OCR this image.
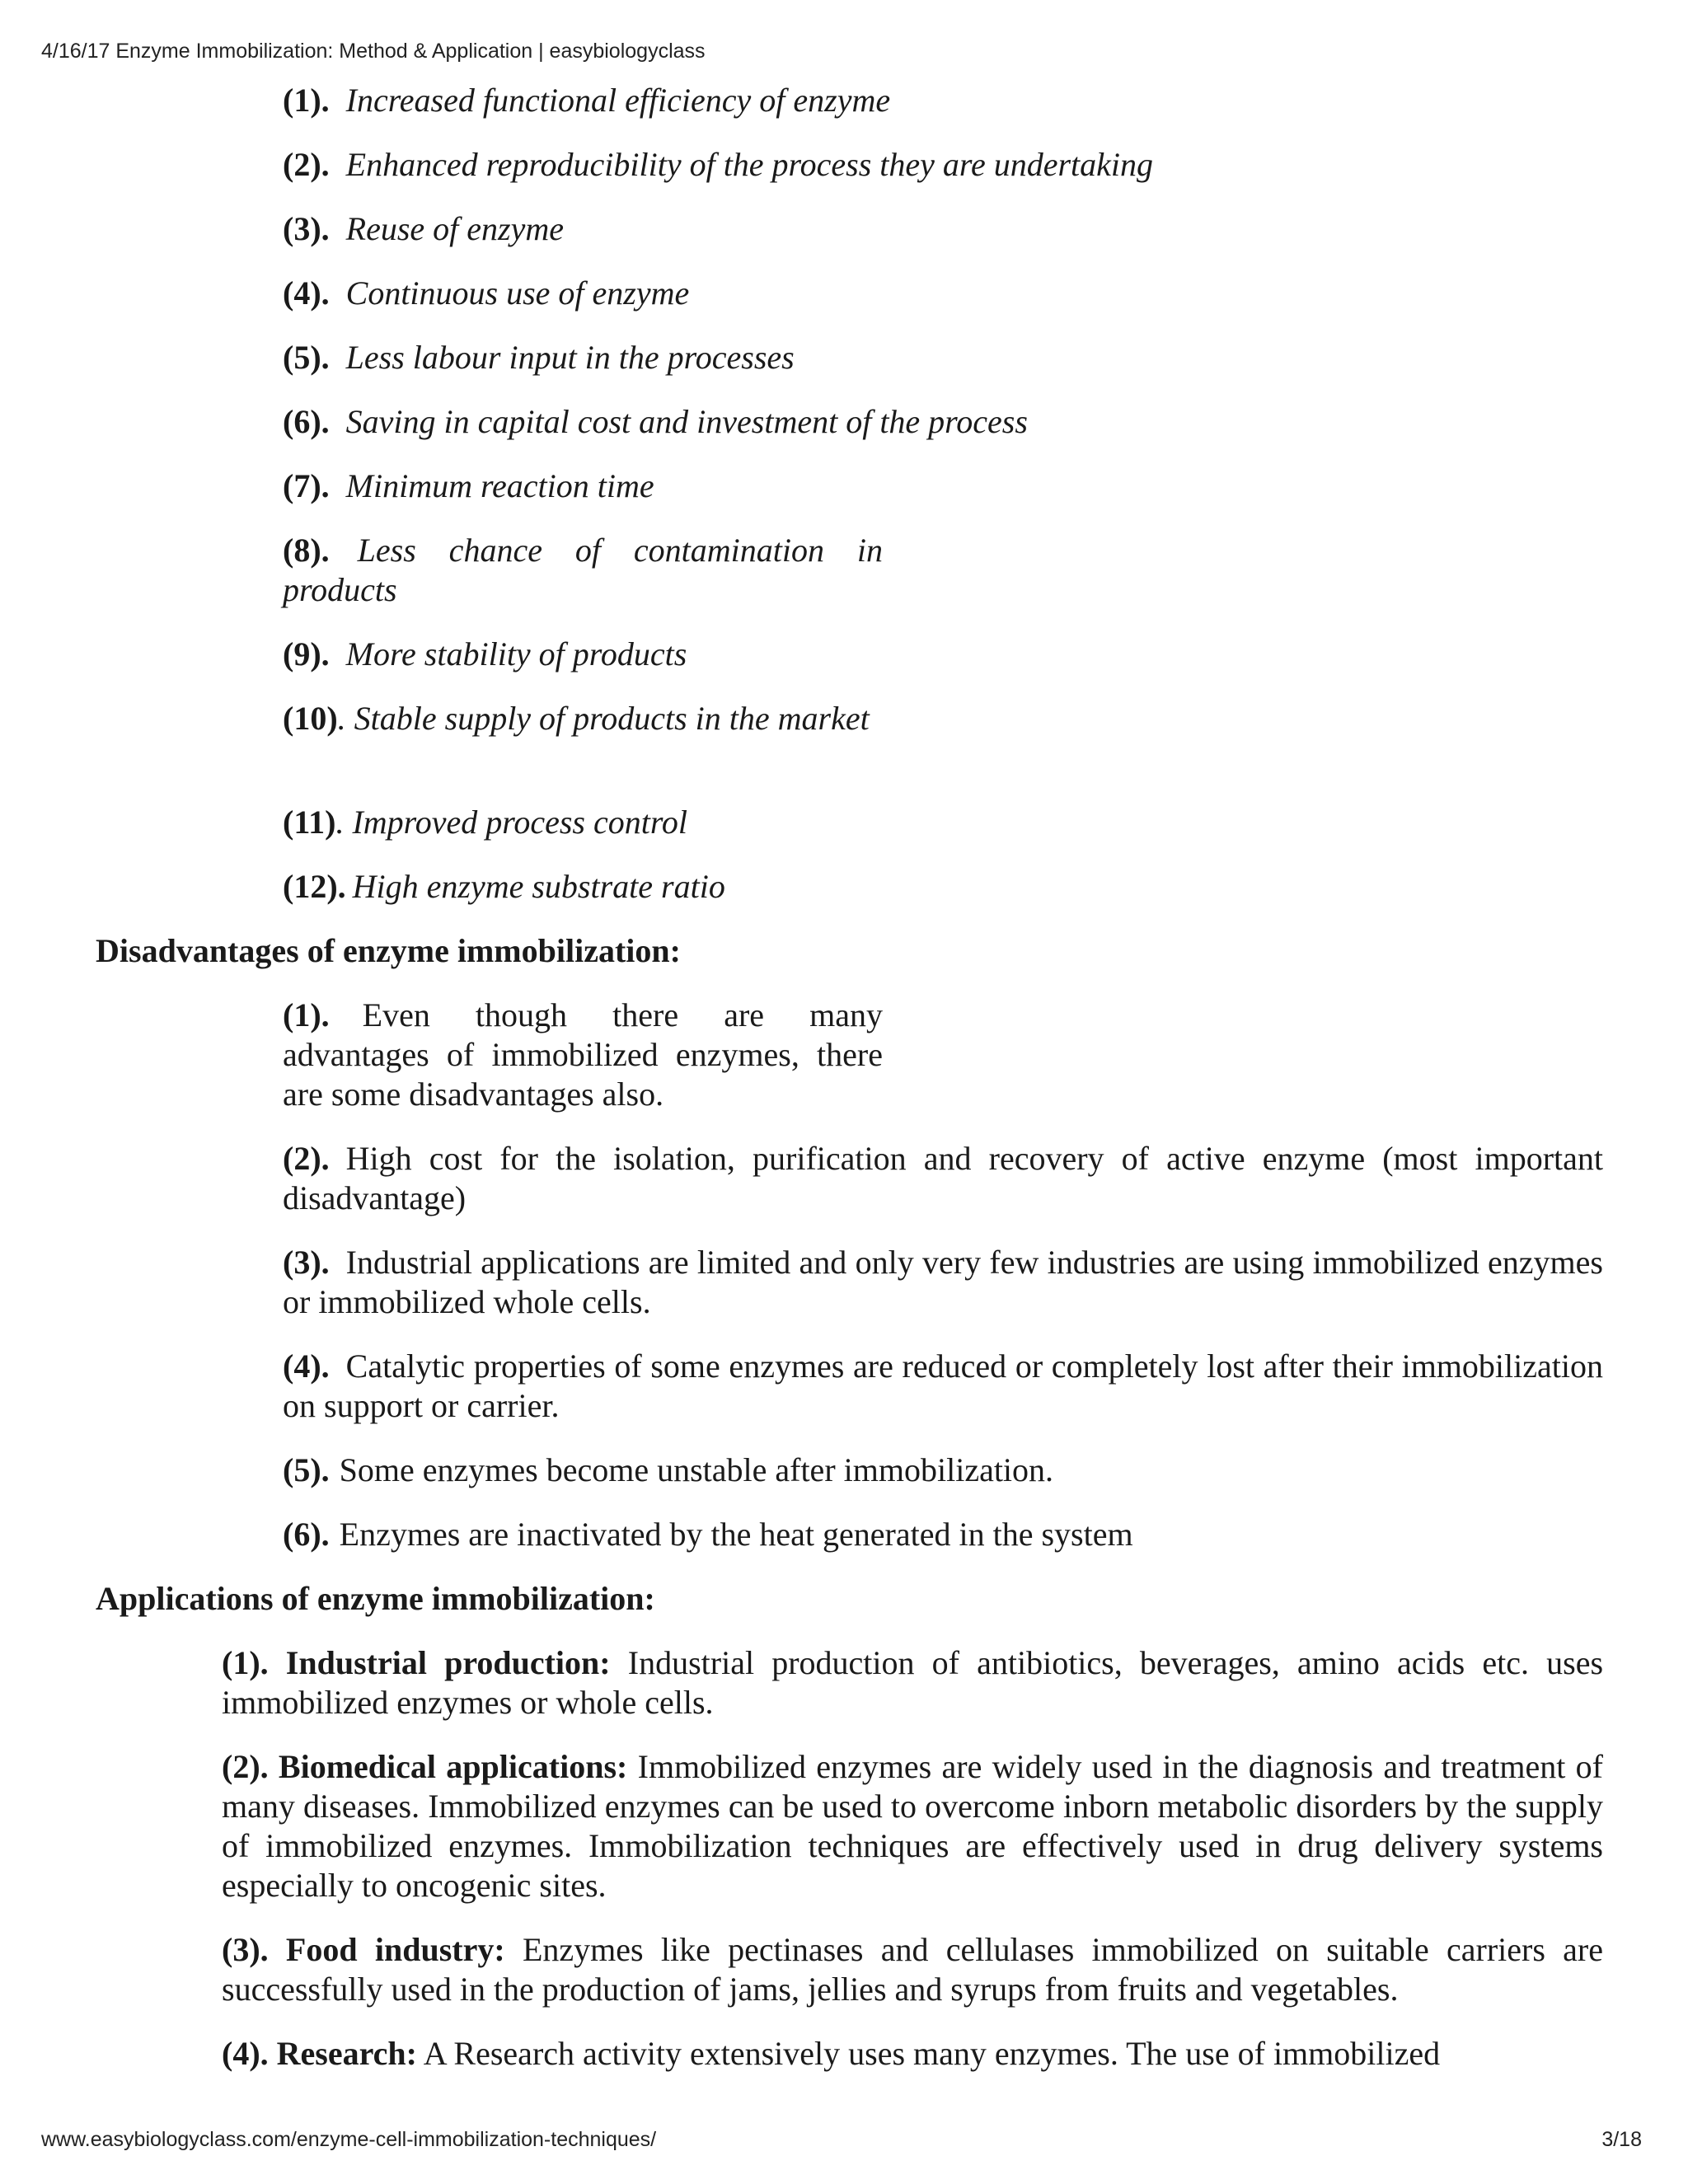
4/16/17 Enzyme Immobilization: Method & Application | easybiologyclass
(1). Increased functional efficiency of enzyme
(2). Enhanced reproducibility of the process they are undertaking
(3). Reuse of enzyme
(4). Continuous use of enzyme
(5). Less labour input in the processes
(6). Saving in capital cost and investment of the process
(7). Minimum reaction time
(8). Less chance of contamination in products
(9). More stability of products
(10). Stable supply of products in the market
(11). Improved process control
(12). High enzyme substrate ratio
Disadvantages of enzyme immobilization:
(1). Even though there are many advantages of immobilized enzymes, there are some disadvantages also.
(2). High cost for the isolation, purification and recovery of active enzyme (most important disadvantage)
(3). Industrial applications are limited and only very few industries are using immobilized enzymes or immobilized whole cells.
(4). Catalytic properties of some enzymes are reduced or completely lost after their immobilization on support or carrier.
(5). Some enzymes become unstable after immobilization.
(6). Enzymes are inactivated by the heat generated in the system
Applications of enzyme immobilization:
(1). Industrial production: Industrial production of antibiotics, beverages, amino acids etc. uses immobilized enzymes or whole cells.
(2). Biomedical applications: Immobilized enzymes are widely used in the diagnosis and treatment of many diseases. Immobilized enzymes can be used to overcome inborn metabolic disorders by the supply of immobilized enzymes. Immobilization techniques are effectively used in drug delivery systems especially to oncogenic sites.
(3). Food industry: Enzymes like pectinases and cellulases immobilized on suitable carriers are successfully used in the production of jams, jellies and syrups from fruits and vegetables.
(4). Research: A Research activity extensively uses many enzymes. The use of immobilized
www.easybiologyclass.com/enzyme-cell-immobilization-techniques/	3/18
